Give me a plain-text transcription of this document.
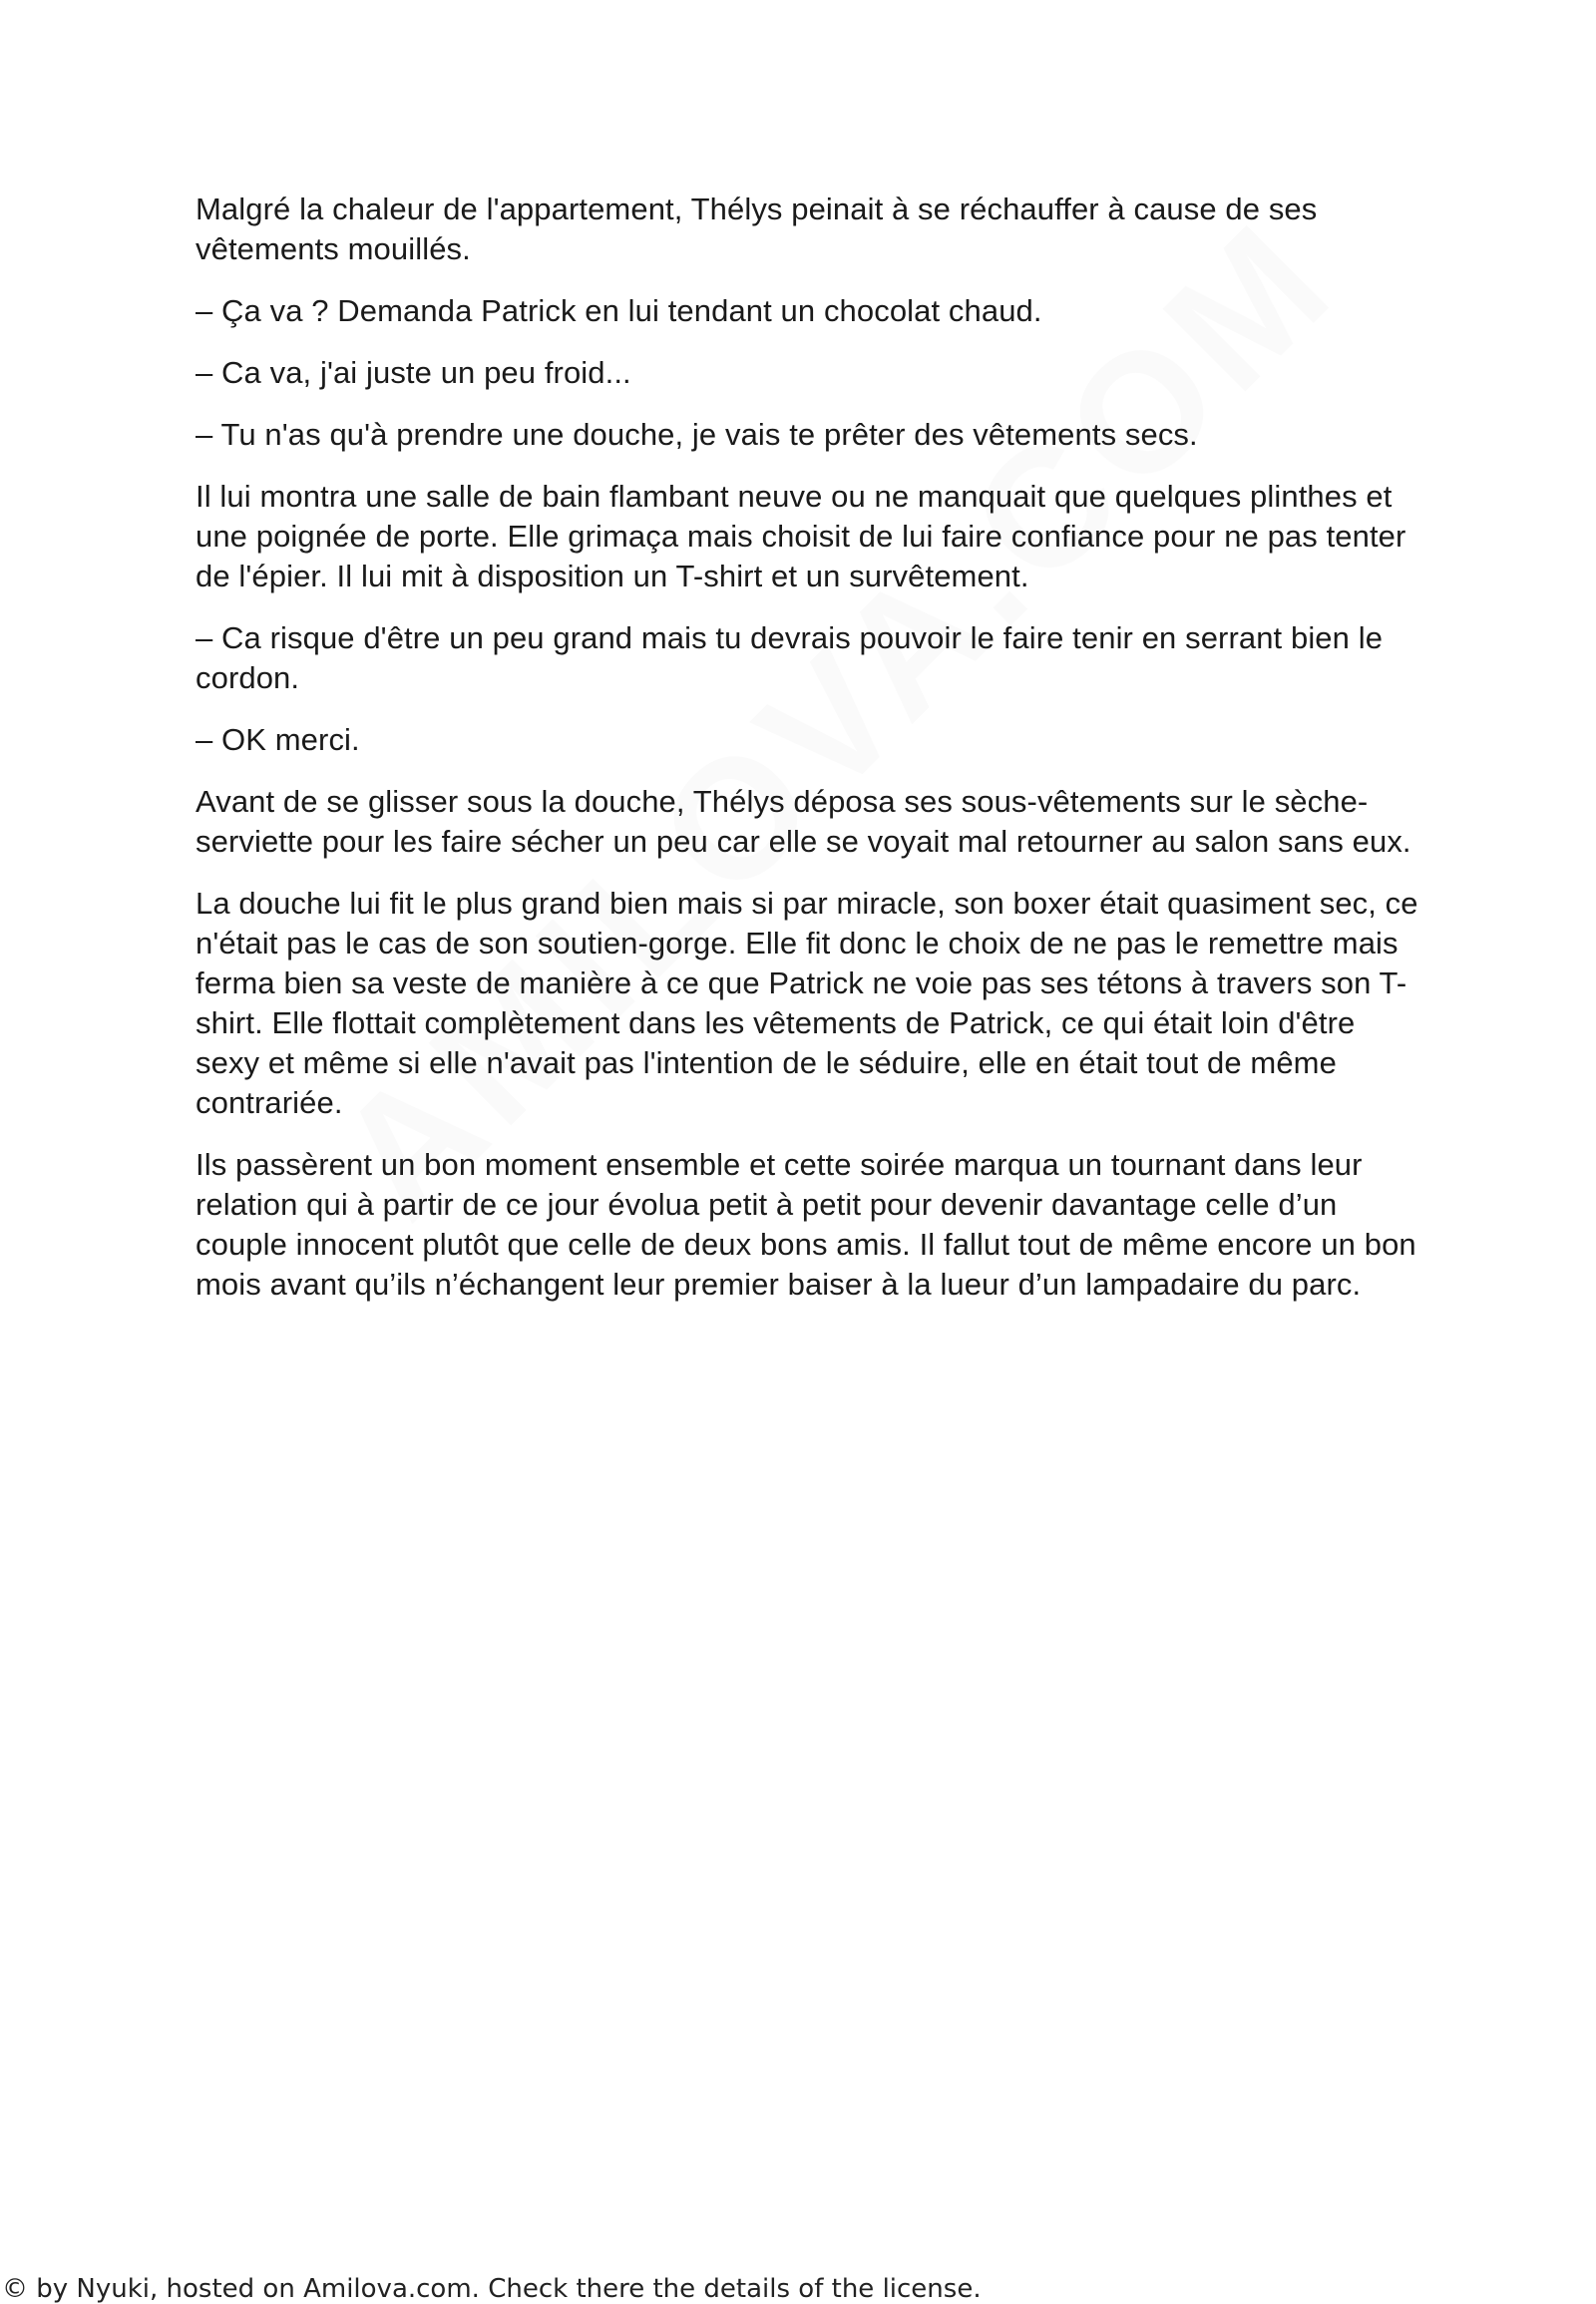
Malgré la chaleur de l'appartement, Thélys peinait à se réchauffer à cause de ses vêtements mouillés.

– Ça va ? Demanda Patrick en lui tendant un chocolat chaud.

– Ca va, j'ai juste un peu froid...

– Tu n'as qu'à prendre une douche, je vais te prêter des vêtements secs.

Il lui montra une salle de bain flambant neuve ou ne manquait que quelques plinthes et une poignée de porte. Elle grimaça mais choisit de lui faire confiance pour ne pas tenter de l'épier. Il lui mit à disposition un T-shirt et un survêtement.

– Ca risque d'être un peu grand mais tu devrais pouvoir le faire tenir en serrant bien le cordon.

– OK merci.

Avant de se glisser sous la douche, Thélys déposa ses sous-vêtements sur le sèche-serviette pour les faire sécher un peu car elle se voyait mal retourner au salon sans eux.

La douche lui fit le plus grand bien mais si par miracle, son boxer était quasiment sec, ce n'était pas le cas de son soutien-gorge. Elle fit donc le choix de ne pas le remettre mais ferma bien sa veste de manière à ce que Patrick ne voie pas ses tétons à travers son T-shirt. Elle flottait complètement dans les vêtements de Patrick, ce qui était loin d'être sexy et même si elle n'avait pas l'intention de le séduire, elle en était tout de même contrariée.

Ils passèrent un bon moment ensemble et cette soirée marqua un tournant dans leur relation qui à partir de ce jour évolua petit à petit pour devenir davantage celle d’un couple innocent plutôt que celle de deux bons amis. Il fallut tout de même encore un bon mois avant qu’ils n’échangent leur premier baiser à la lueur d’un lampadaire du parc.

© by Nyuki, hosted on Amilova.com. Check there the details of the license.
